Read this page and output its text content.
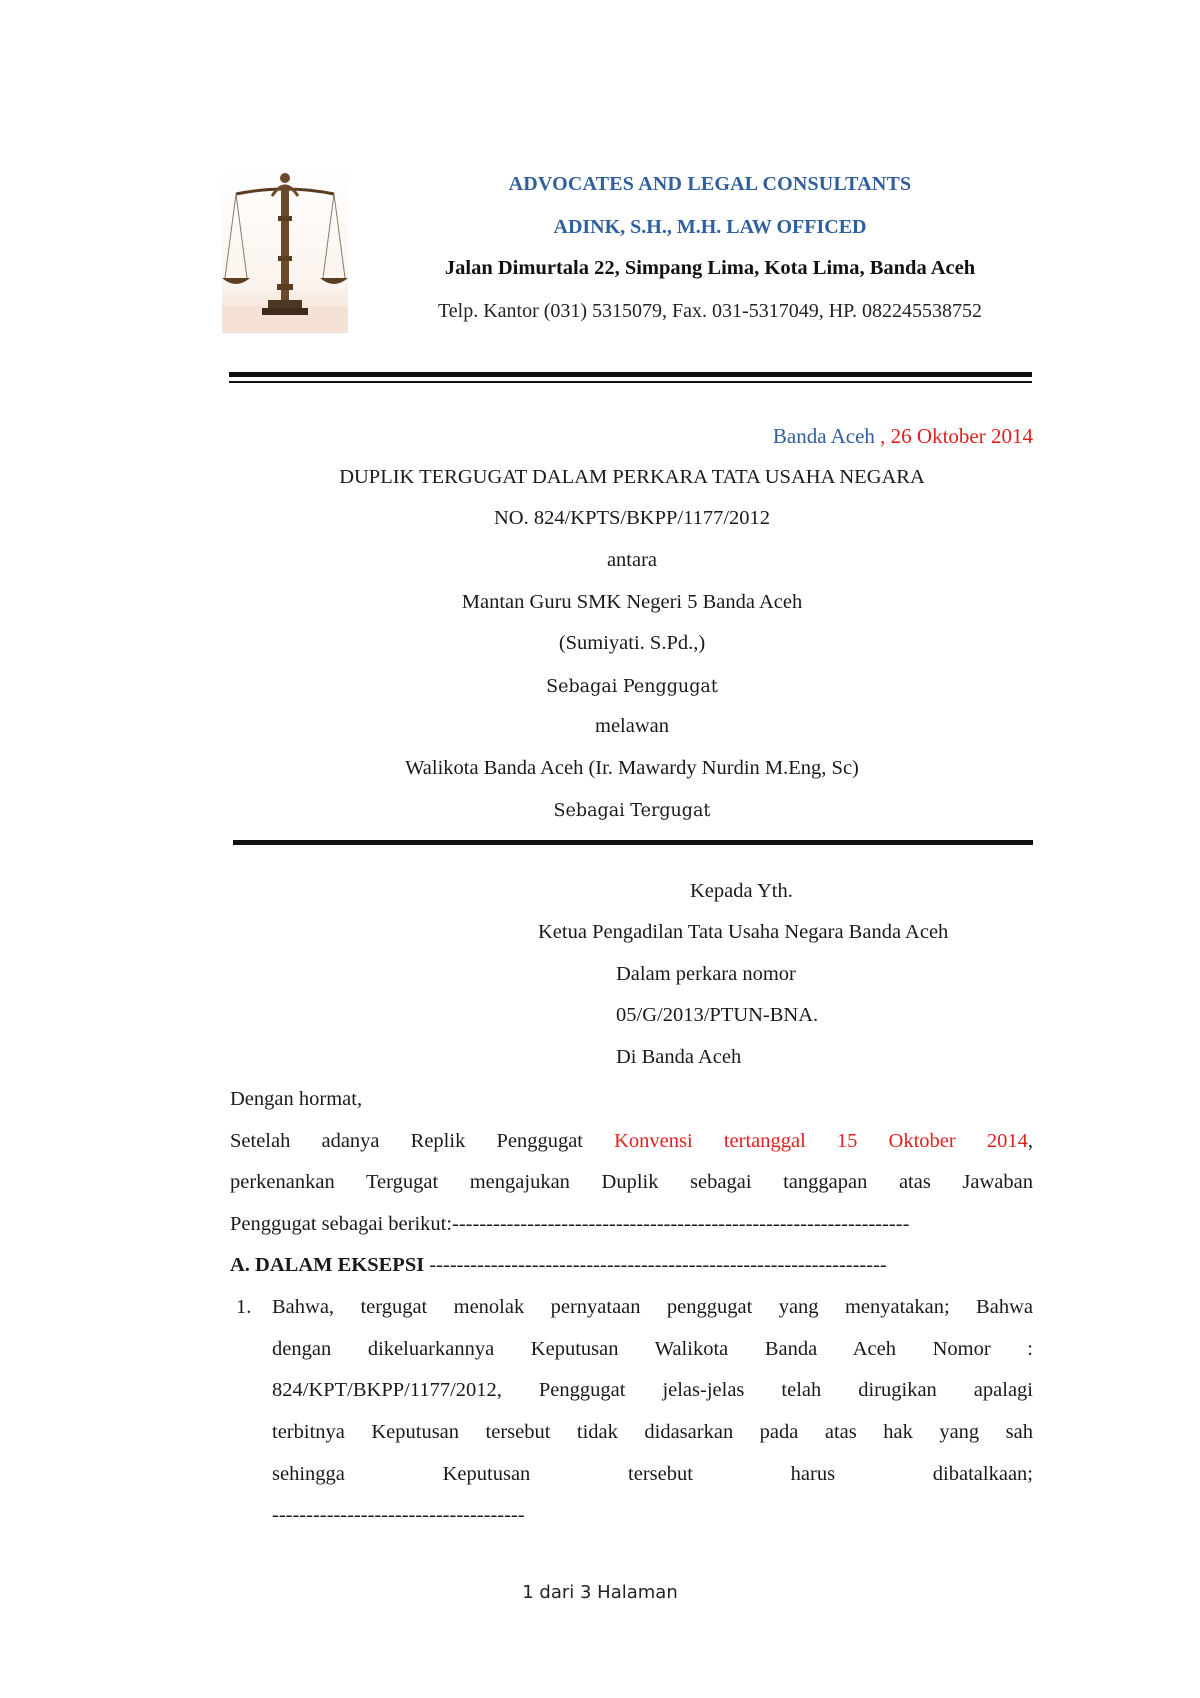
ADVOCATES AND LEGAL CONSULTANTS
ADINK, S.H., M.H. LAW OFFICED
Jalan Dimurtala 22, Simpang Lima, Kota Lima, Banda Aceh
Telp. Kantor (031) 5315079, Fax. 031-5317049, HP. 082245538752
Banda Aceh , 26 Oktober 2014
DUPLIK TERGUGAT DALAM PERKARA TATA USAHA NEGARA
NO. 824/KPTS/BKPP/1177/2012
antara
Mantan Guru SMK Negeri 5 Banda Aceh
(Sumiyati. S.Pd.,)
Sebagai Penggugat
melawan
Walikota Banda Aceh (Ir. Mawardy Nurdin M.Eng, Sc)
Sebagai Tergugat
Kepada Yth.
Ketua Pengadilan Tata Usaha Negara Banda Aceh
Dalam perkara nomor
05/G/2013/PTUN-BNA.
Di Banda Aceh
Dengan hormat,
Setelah adanya Replik Penggugat Konvensi tertanggal 15 Oktober 2014,
perkenankan Tergugat mengajukan Duplik sebagai tanggapan atas Jawaban
Penggugat sebagai berikut:-------------------------------------------------------------------
A. DALAM EKSEPSI -------------------------------------------------------------------
1. Bahwa, tergugat menolak pernyataan penggugat yang menyatakan; Bahwa
dengan dikeluarkannya Keputusan Walikota Banda Aceh Nomor :
824/KPT/BKPP/1177/2012, Penggugat jelas-jelas telah dirugikan apalagi
terbitnya Keputusan tersebut tidak didasarkan pada atas hak yang sah
sehingga Keputusan tersebut harus dibatalkaan;
-------------------------------------
1 dari 3 Halaman
